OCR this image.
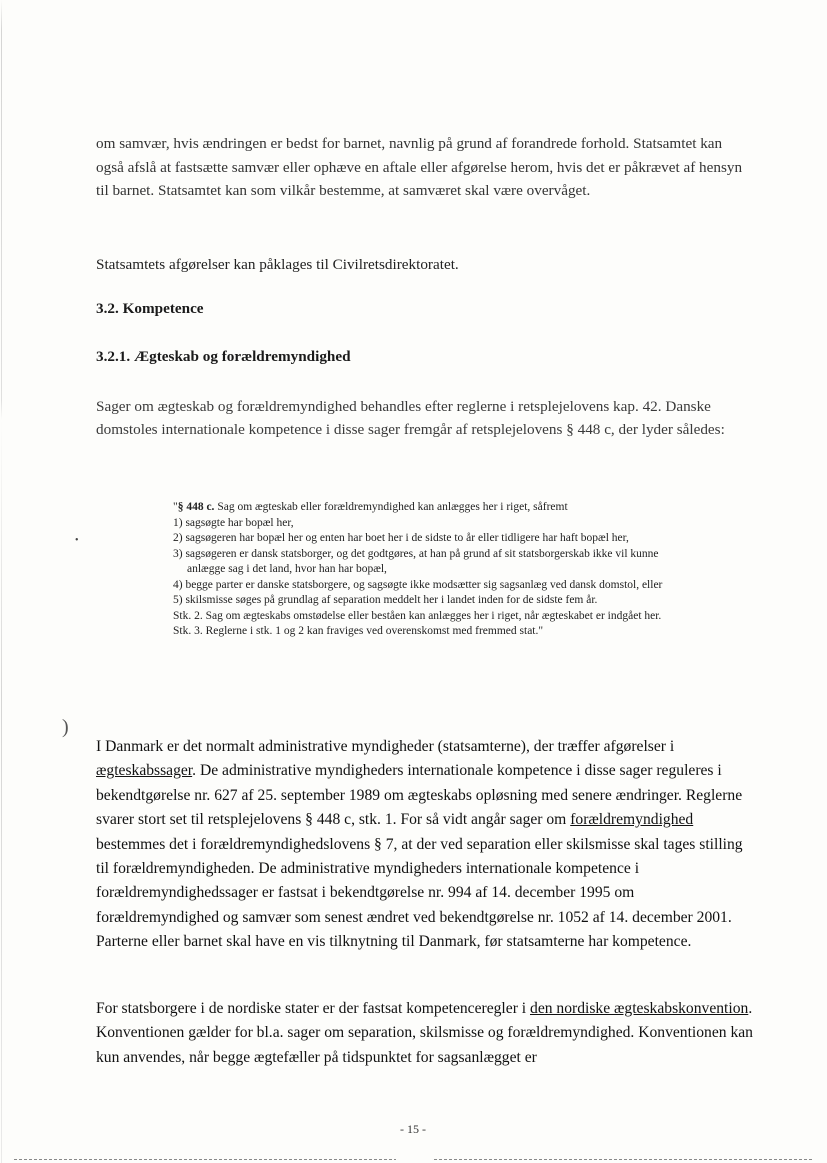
om samvær, hvis ændringen er bedst for barnet, navnlig på grund af forandrede forhold. Statsamtet kan også afslå at fastsætte samvær eller ophæve en aftale eller afgørelse herom, hvis det er påkrævet af hensyn til barnet. Statsamtet kan som vilkår bestemme, at samværet skal være overvåget.

Statsamtets afgørelser kan påklages til Civilretsdirektoratet.

3.2. Kompetence
3.2.1. Ægteskab og forældremyndighed

Sager om ægteskab og forældremyndighed behandles efter reglerne i retsplejelovens kap. 42. Danske domstoles internationale kompetence i disse sager fremgår af retsplejelovens § 448 c, der lyder således:

•
"§ 448 c. Sag om ægteskab eller forældremyndighed kan anlægges her i riget, såfremt
1) sagsøgte har bopæl her,
2) sagsøgeren har bopæl her og enten har boet her i de sidste to år eller tidligere har haft bopæl her,
3) sagsøgeren er dansk statsborger, og det godtgøres, at han på grund af sit statsborgerskab ikke vil kunne anlægge sag i det land, hvor han har bopæl,
4) begge parter er danske statsborgere, og sagsøgte ikke modsætter sig sagsanlæg ved dansk domstol, eller
5) skilsmisse søges på grundlag af separation meddelt her i landet inden for de sidste fem år.
Stk. 2. Sag om ægteskabs omstødelse eller beståen kan anlægges her i riget, når ægteskabet er indgået her.
Stk. 3. Reglerne i stk. 1 og 2 kan fraviges ved overenskomst med fremmed stat."
)

I Danmark er det normalt administrative myndigheder (statsamterne), der træffer afgørelser i ægteskabssager. De administrative myndigheders internationale kompetence i disse sager reguleres i bekendtgørelse nr. 627 af 25. september 1989 om ægteskabs opløsning med senere ændringer. Reglerne svarer stort set til retsplejelovens § 448 c, stk. 1. For så vidt angår sager om forældremyndighed bestemmes det i forældremyndighedslovens § 7, at der ved separation eller skilsmisse skal tages stilling til forældremyndigheden. De administrative myndigheders internationale kompetence i forældremyndighedssager er fastsat i bekendtgørelse nr. 994 af 14. december 1995 om forældremyndighed og samvær som senest ændret ved bekendtgørelse nr. 1052 af 14. december 2001. Parterne eller barnet skal have en vis tilknytning til Danmark, før statsamterne har kompetence.

For statsborgere i de nordiske stater er der fastsat kompetenceregler i den nordiske ægteskabskonvention. Konventionen gælder for bl.a. sager om separation, skilsmisse og forældremyndighed. Konventionen kan kun anvendes, når begge ægtefæller på tidspunktet for sagsanlægget er

- 15 -
